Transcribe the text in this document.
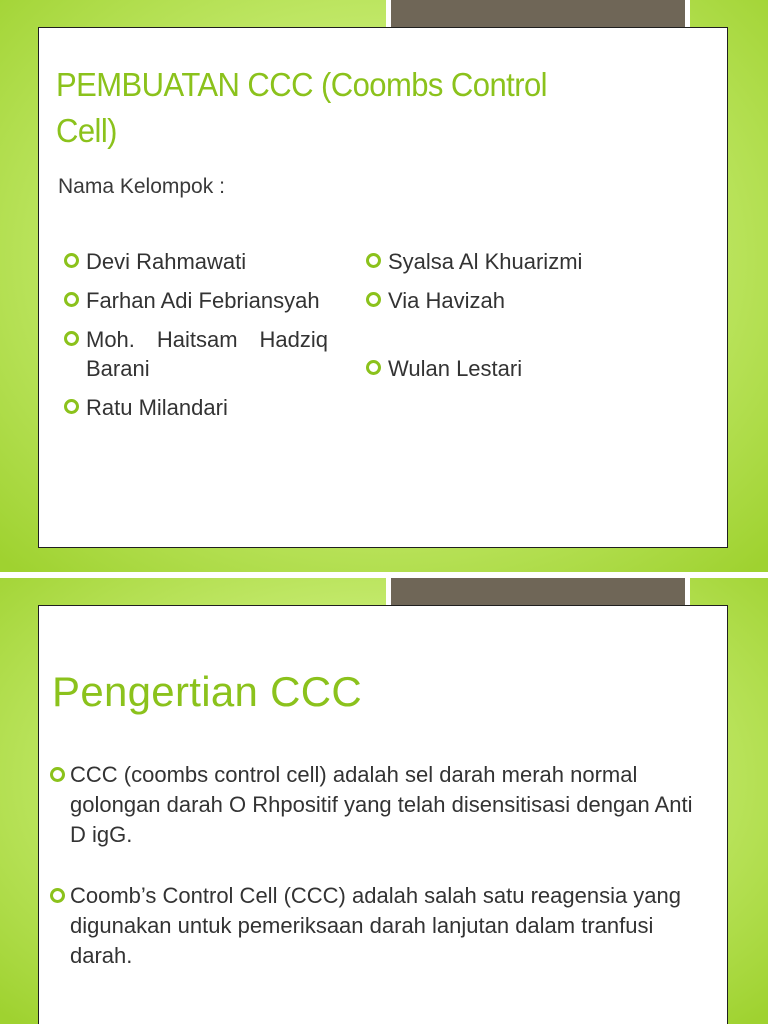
PEMBUATAN CCC (Coombs Control Cell)

Nama Kelompok :

Devi Rahmawati
Farhan Adi Febriansyah
Moh. Haitsam Hadziq Barani
Ratu Milandari
Syalsa Al Khuarizmi
Via Havizah
Wulan Lestari
Pengertian CCC
CCC (coombs control cell) adalah sel darah merah normal golongan darah O Rhpositif yang telah disensitisasi dengan Anti D igG.
Coomb’s Control Cell (CCC) adalah salah satu reagensia yang digunakan untuk pemeriksaan darah lanjutan dalam tranfusi darah.
